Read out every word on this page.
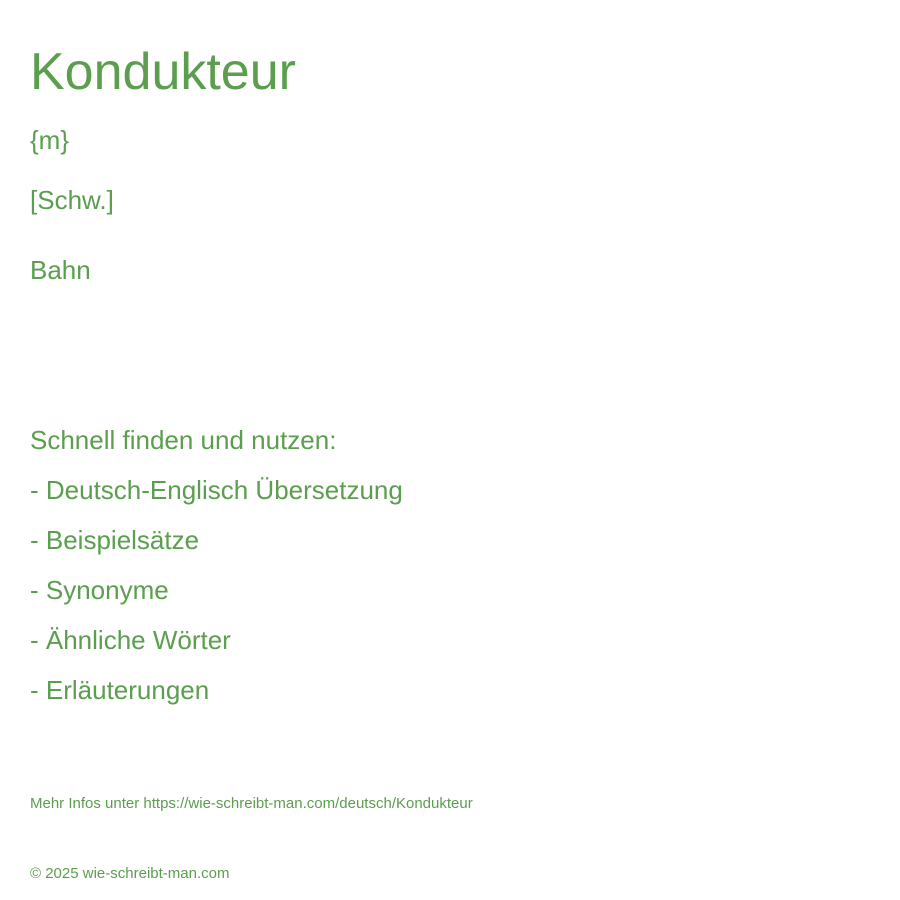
Kondukteur

{m}

[Schw.]

Bahn

Schnell finden und nutzen:

- Deutsch-Englisch Übersetzung
- Beispielsätze
- Synonyme
- Ähnliche Wörter
- Erläuterungen

Mehr Infos unter https://wie-schreibt-man.com/deutsch/Kondukteur

© 2025 wie-schreibt-man.com
